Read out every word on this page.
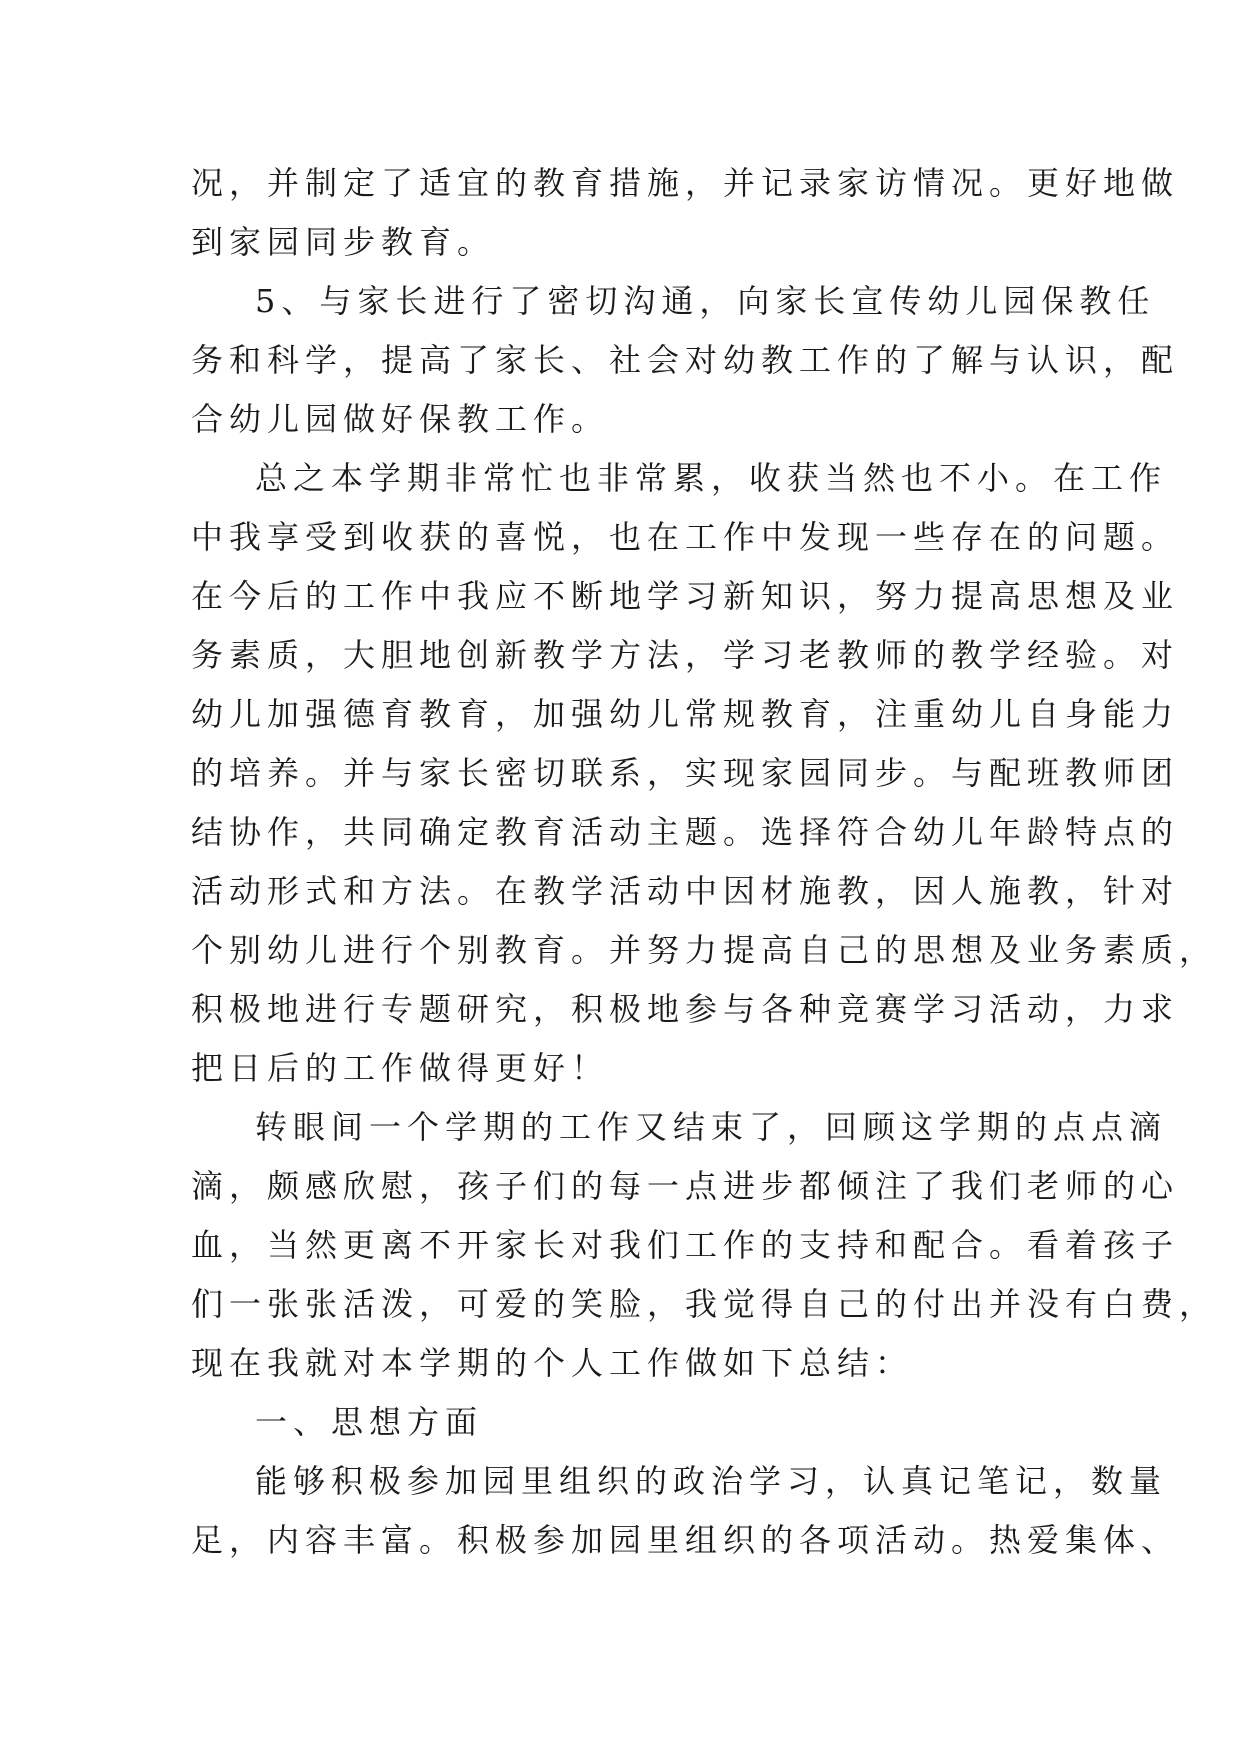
况，并制定了适宜的教育措施，并记录家访情况。更好地做
到家园同步教育。
5、与家长进行了密切沟通，向家长宣传幼儿园保教任
务和科学，提高了家长、社会对幼教工作的了解与认识，配
合幼儿园做好保教工作。
总之本学期非常忙也非常累，收获当然也不小。在工作
中我享受到收获的喜悦，也在工作中发现一些存在的问题。
在今后的工作中我应不断地学习新知识，努力提高思想及业
务素质，大胆地创新教学方法，学习老教师的教学经验。对
幼儿加强德育教育，加强幼儿常规教育，注重幼儿自身能力
的培养。并与家长密切联系，实现家园同步。与配班教师团
结协作，共同确定教育活动主题。选择符合幼儿年龄特点的
活动形式和方法。在教学活动中因材施教，因人施教，针对
个别幼儿进行个别教育。并努力提高自己的思想及业务素质，
积极地进行专题研究，积极地参与各种竞赛学习活动，力求
把日后的工作做得更好！
转眼间一个学期的工作又结束了，回顾这学期的点点滴
滴，颇感欣慰，孩子们的每一点进步都倾注了我们老师的心
血，当然更离不开家长对我们工作的支持和配合。看着孩子
们一张张活泼，可爱的笑脸，我觉得自己的付出并没有白费，
现在我就对本学期的个人工作做如下总结：
一、思想方面
能够积极参加园里组织的政治学习，认真记笔记，数量
足，内容丰富。积极参加园里组织的各项活动。热爱集体、
